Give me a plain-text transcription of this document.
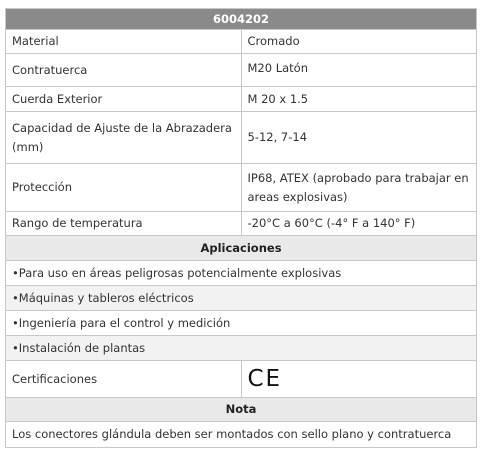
6004202	
Material	Cromado
Contratuerca	M20 Latón
Cuerda Exterior	M 20 x 1.5
Capacidad de Ajuste de la Abrazadera (mm)	5-12, 7-14
Protección	IP68, ATEX (aprobado para trabajar en areas explosivas)
Rango de temperatura	-20°C a 60°C (-4° F a 140° F)
Aplicaciones	
•Para uso en áreas peligrosas potencialmente explosivas	
•Máquinas y tableros eléctricos	
•Ingeniería para el control y medición	
•Instalación de plantas	
Certificaciones	CE
Nota	
Los conectores glándula deben ser montados con sello plano y contratuerca	
